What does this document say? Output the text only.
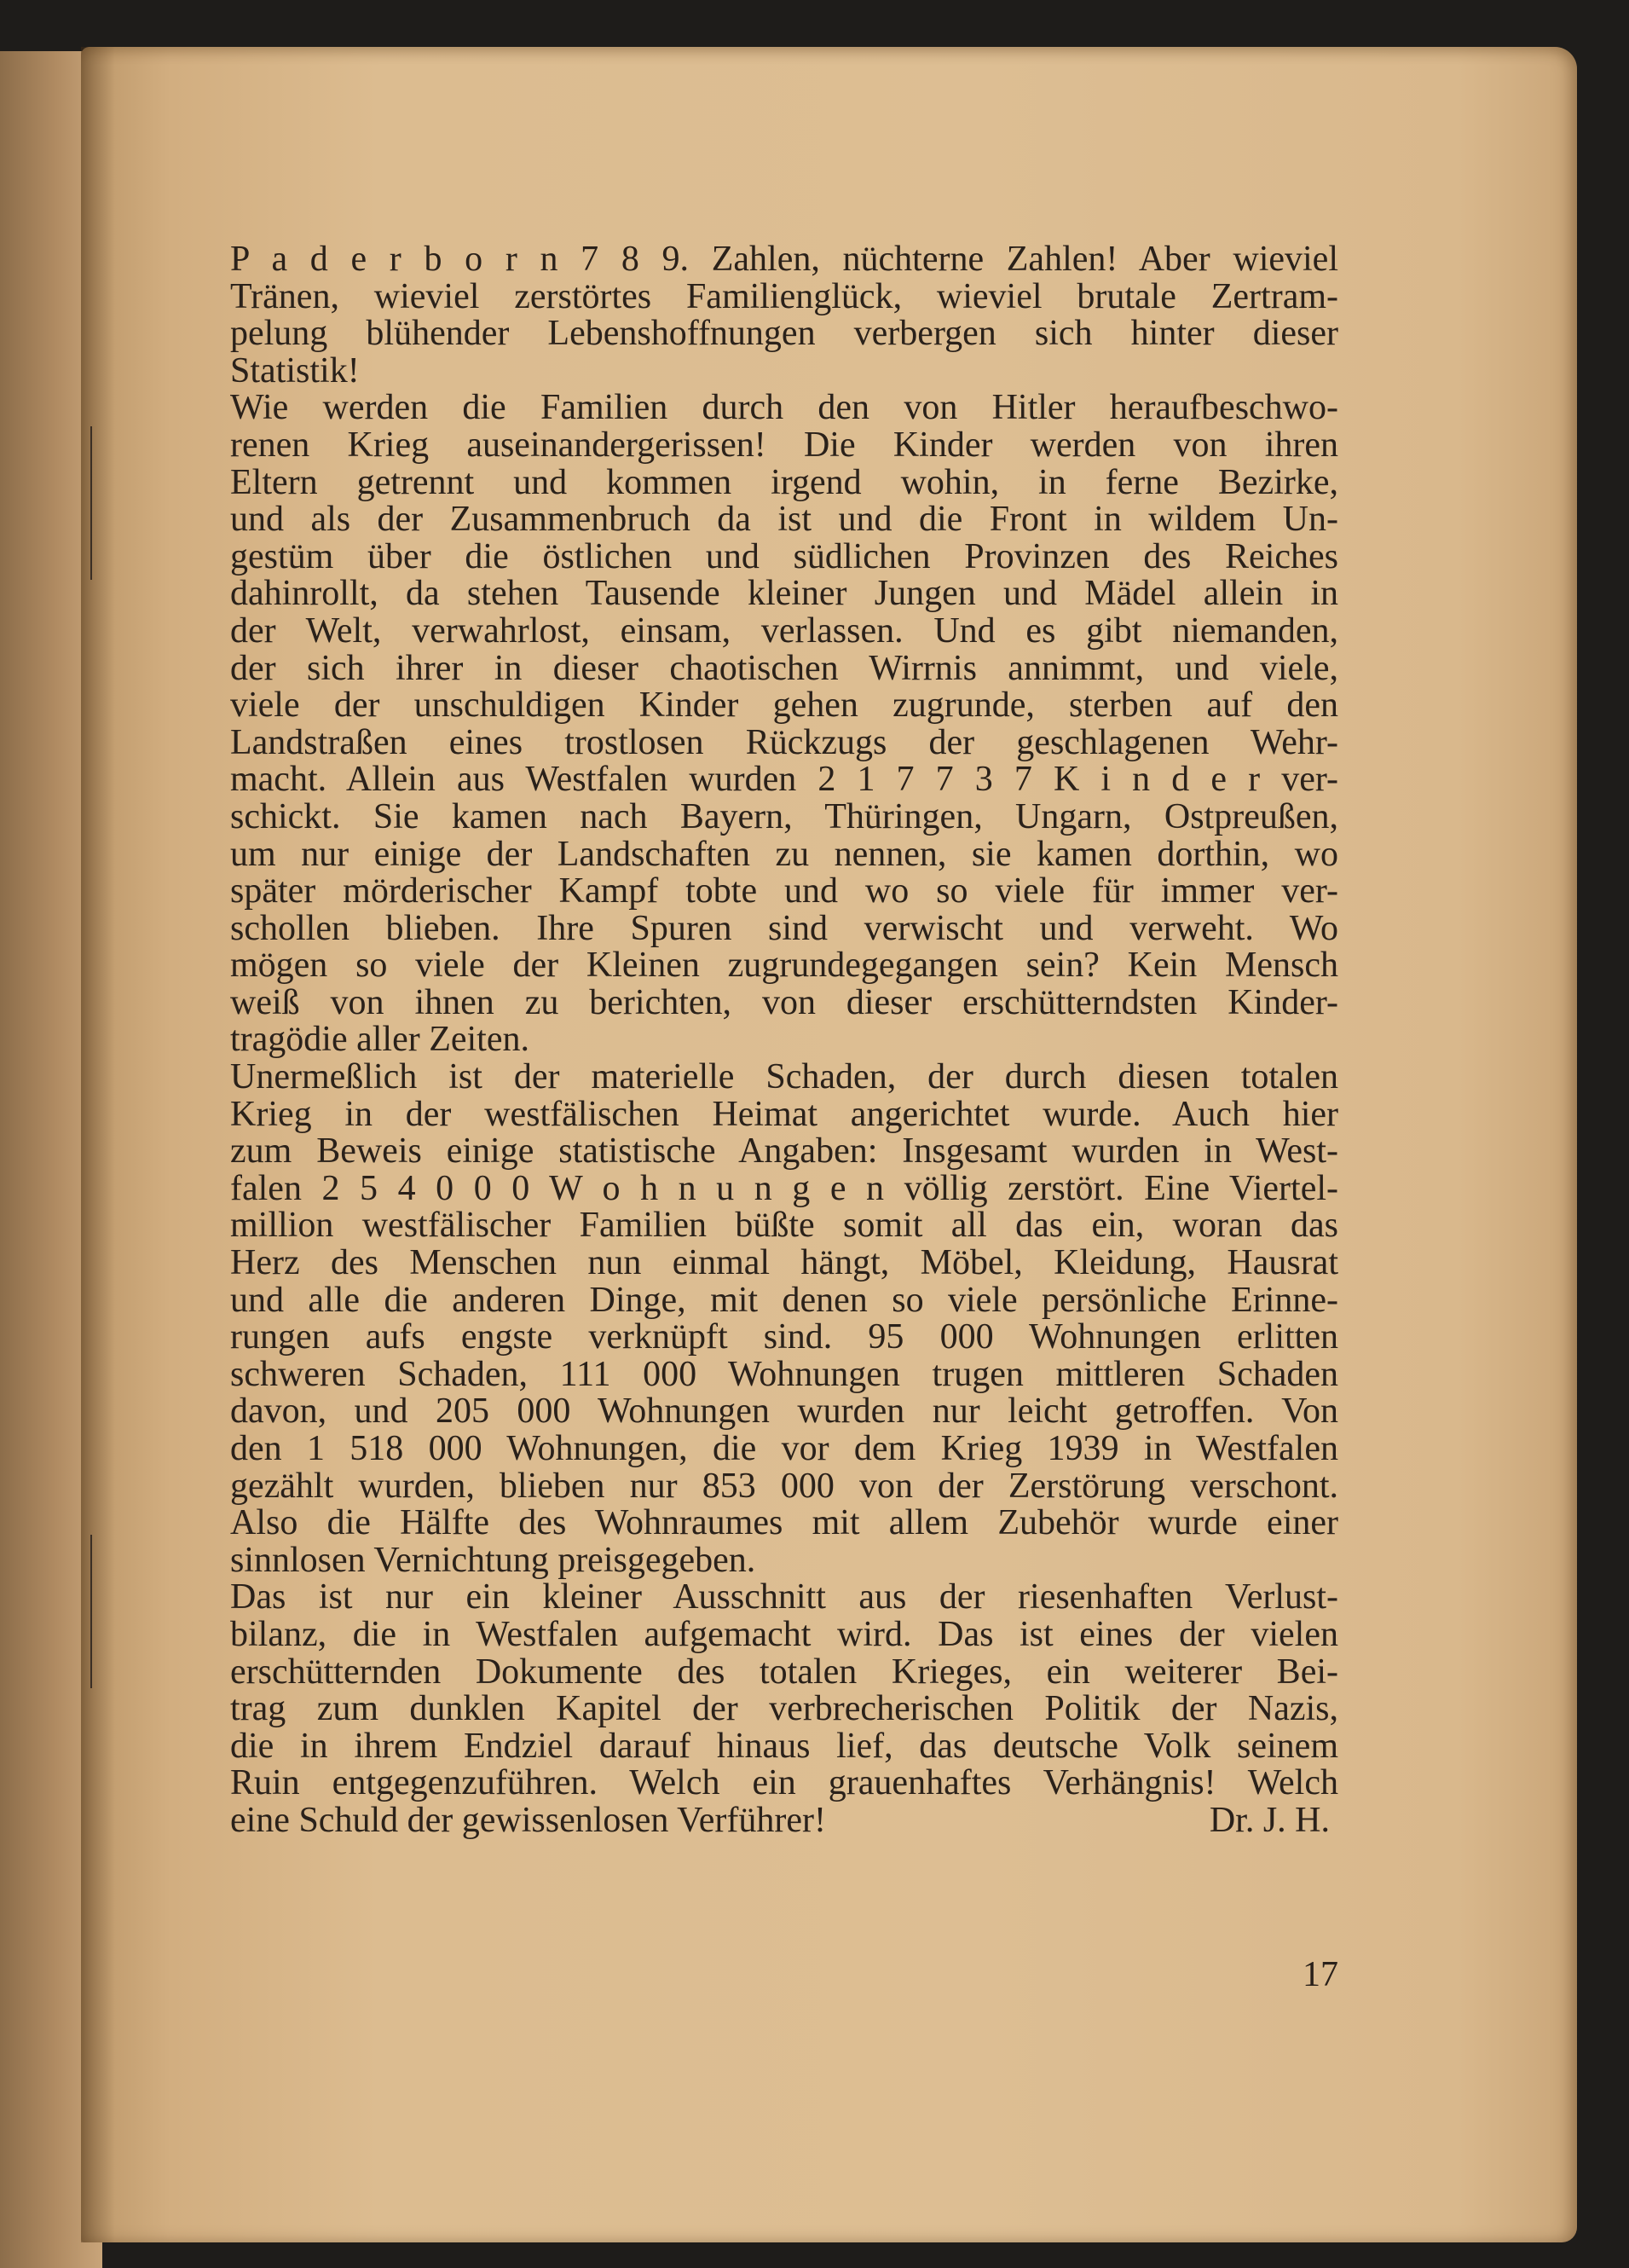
P a d e r b o r n 7 8 9. Zahlen, nüchterne Zahlen! Aber wieviel
Tränen, wieviel zerstörtes Familienglück, wieviel brutale Zertram-
pelung blühender Lebenshoffnungen verbergen sich hinter dieser
Statistik!
Wie werden die Familien durch den von Hitler heraufbeschwo-
renen Krieg auseinandergerissen! Die Kinder werden von ihren
Eltern getrennt und kommen irgend wohin, in ferne Bezirke,
und als der Zusammenbruch da ist und die Front in wildem Un-
gestüm über die östlichen und südlichen Provinzen des Reiches
dahinrollt, da stehen Tausende kleiner Jungen und Mädel allein in
der Welt, verwahrlost, einsam, verlassen. Und es gibt niemanden,
der sich ihrer in dieser chaotischen Wirrnis annimmt, und viele,
viele der unschuldigen Kinder gehen zugrunde, sterben auf den
Landstraßen eines trostlosen Rückzugs der geschlagenen Wehr-
macht. Allein aus Westfalen wurden 2 1 7 7 3 7 K i n d e r ver-
schickt. Sie kamen nach Bayern, Thüringen, Ungarn, Ostpreußen,
um nur einige der Landschaften zu nennen, sie kamen dorthin, wo
später mörderischer Kampf tobte und wo so viele für immer ver-
schollen blieben. Ihre Spuren sind verwischt und verweht. Wo
mögen so viele der Kleinen zugrundegegangen sein? Kein Mensch
weiß von ihnen zu berichten, von dieser erschütterndsten Kinder-
tragödie aller Zeiten.
Unermeßlich ist der materielle Schaden, der durch diesen totalen
Krieg in der westfälischen Heimat angerichtet wurde. Auch hier
zum Beweis einige statistische Angaben: Insgesamt wurden in West-
falen 2 5 4 0 0 0 W o h n u n g e n völlig zerstört. Eine Viertel-
million westfälischer Familien büßte somit all das ein, woran das
Herz des Menschen nun einmal hängt, Möbel, Kleidung, Hausrat
und alle die anderen Dinge, mit denen so viele persönliche Erinne-
rungen aufs engste verknüpft sind. 95 000 Wohnungen erlitten
schweren Schaden, 111 000 Wohnungen trugen mittleren Schaden
davon, und 205 000 Wohnungen wurden nur leicht getroffen. Von
den 1 518 000 Wohnungen, die vor dem Krieg 1939 in Westfalen
gezählt wurden, blieben nur 853 000 von der Zerstörung verschont.
Also die Hälfte des Wohnraumes mit allem Zubehör wurde einer
sinnlosen Vernichtung preisgegeben.
Das ist nur ein kleiner Ausschnitt aus der riesenhaften Verlust-
bilanz, die in Westfalen aufgemacht wird. Das ist eines der vielen
erschütternden Dokumente des totalen Krieges, ein weiterer Bei-
trag zum dunklen Kapitel der verbrecherischen Politik der Nazis,
die in ihrem Endziel darauf hinaus lief, das deutsche Volk seinem
Ruin entgegenzuführen. Welch ein grauenhaftes Verhängnis! Welch
eine Schuld der gewissenlosen Verführer!	Dr. J. H.
17
